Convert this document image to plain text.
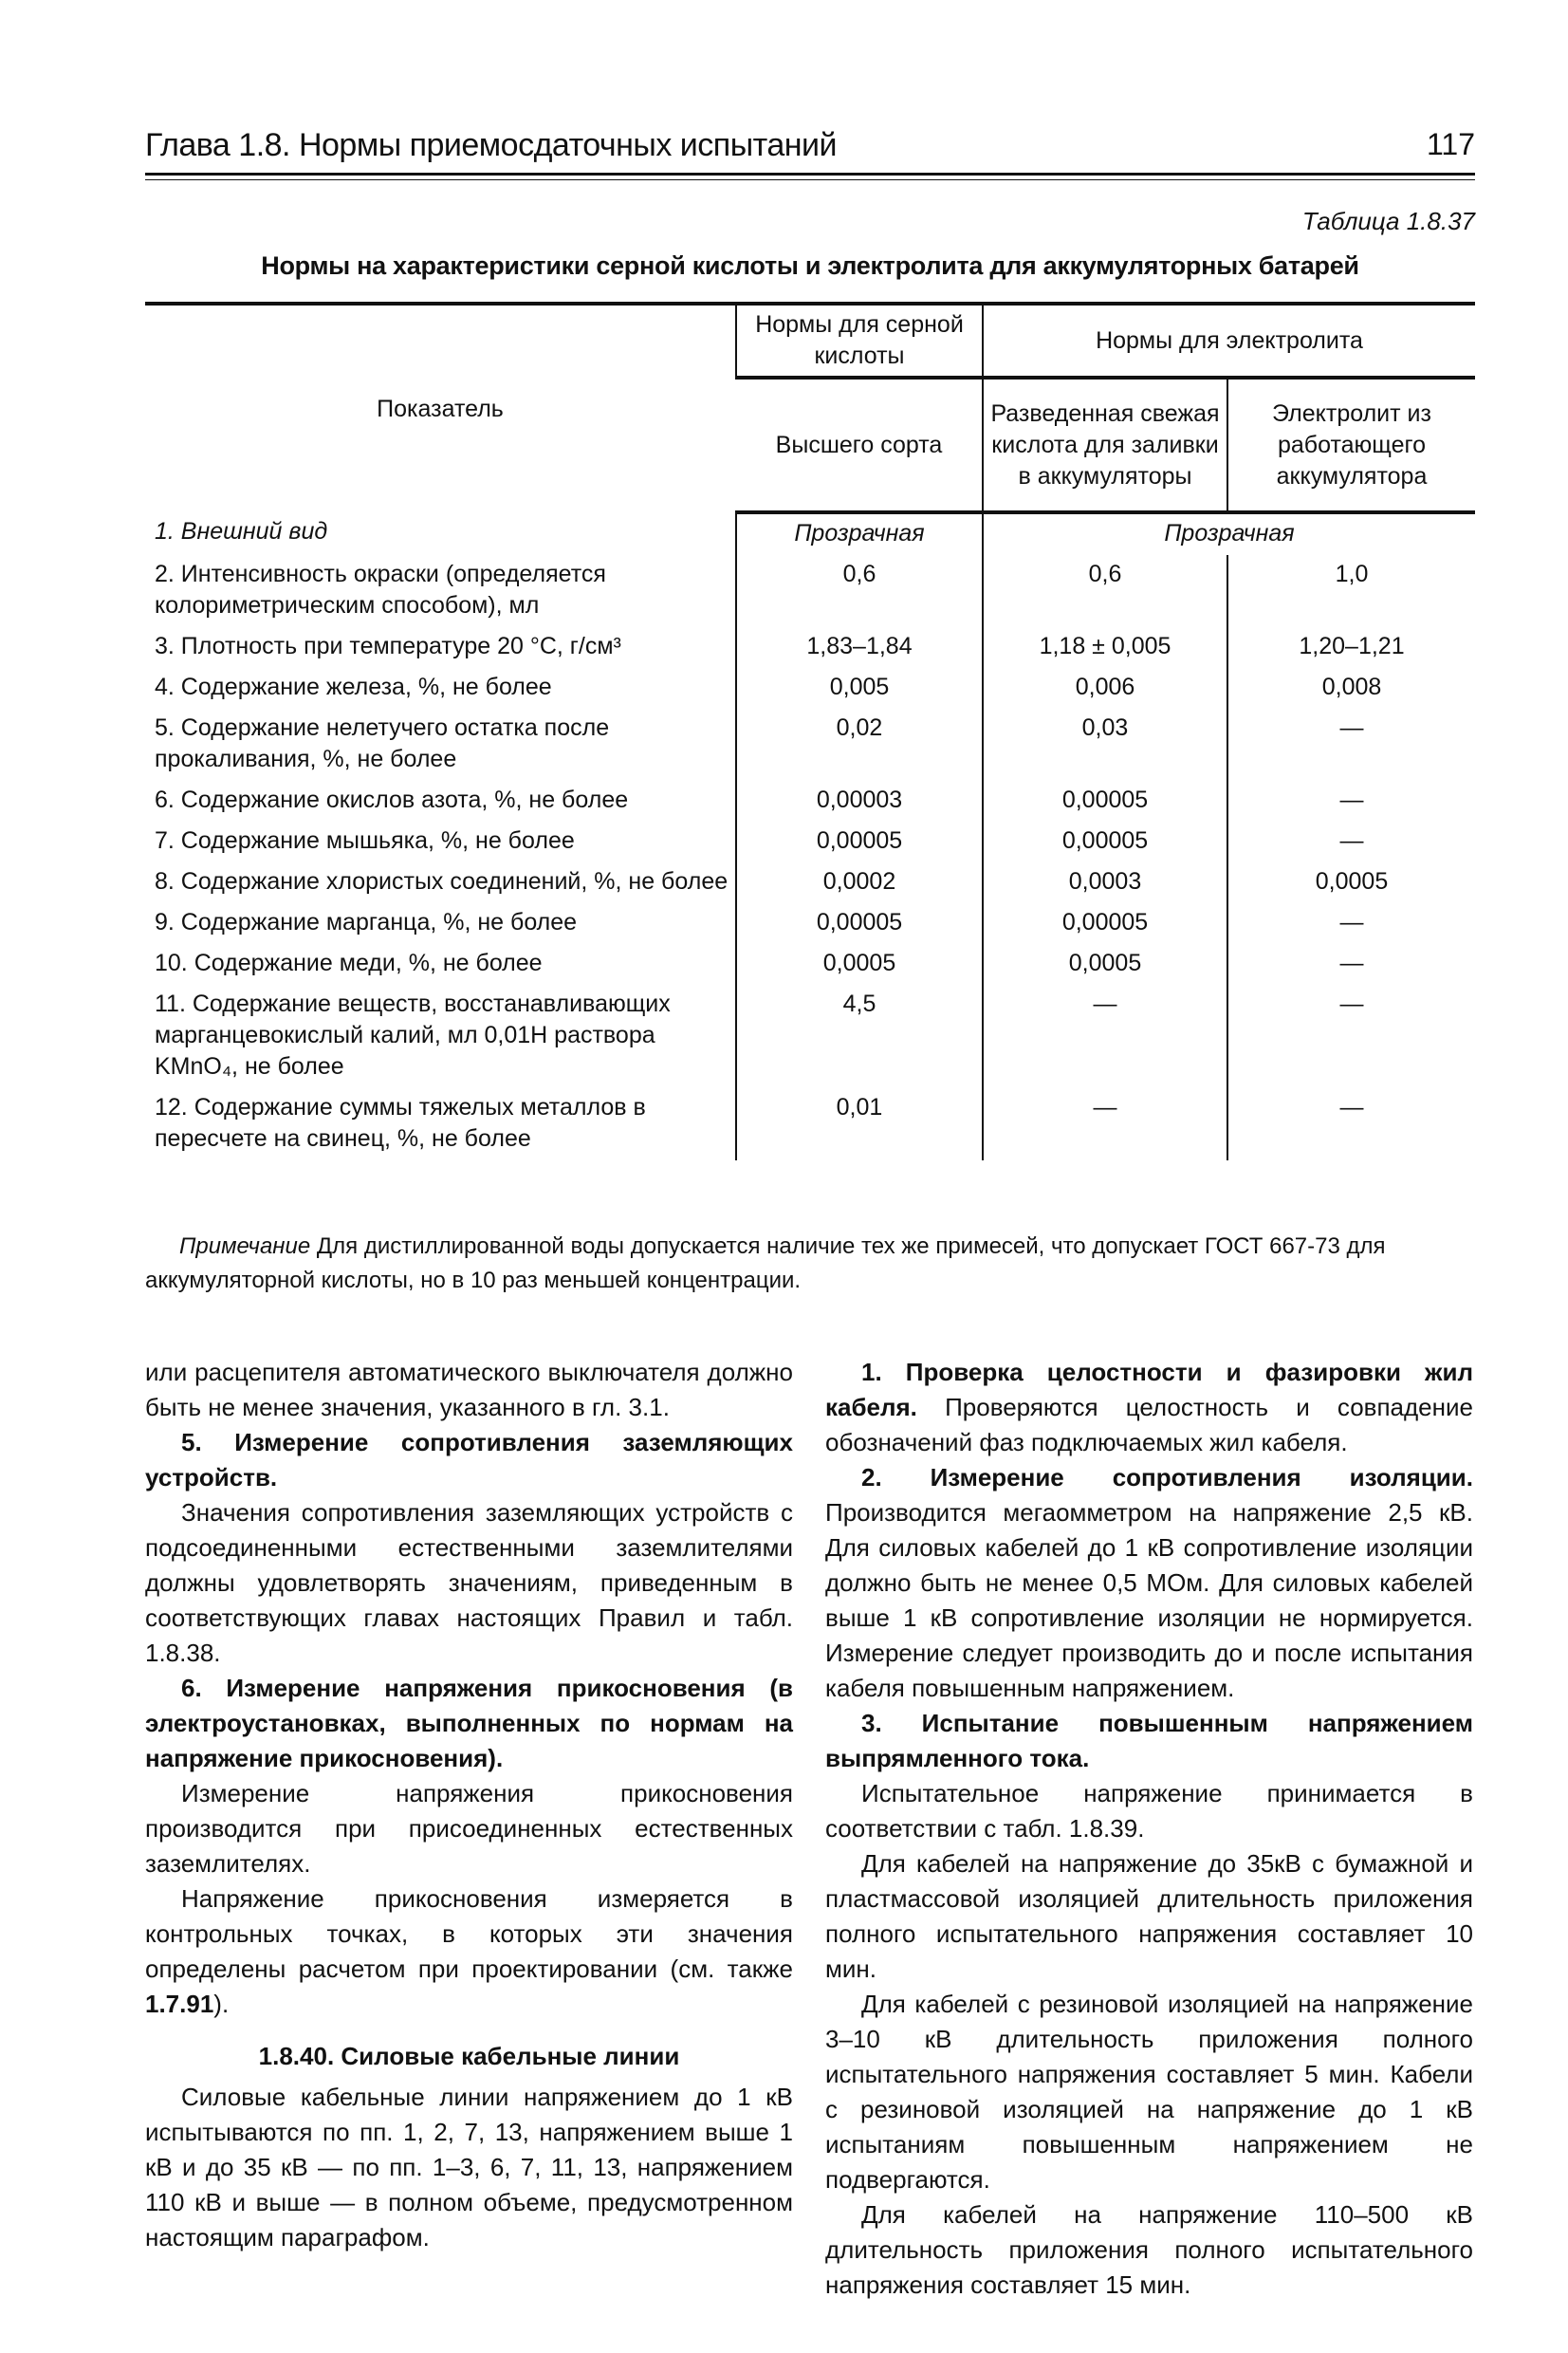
Глава 1.8. Нормы приемосдаточных испытаний	117
Таблица 1.8.37
Нормы на характеристики серной кислоты и электролита для аккумуляторных батарей
Показатель	Нормы для серной кислоты	Нормы для электролита	
	Высшего сорта	Разведенная свежая кислота для заливки в аккумуляторы	Электролит из работающего аккумулятора
1. Внешний вид	Прозрачная	Прозрачная	
2. Интенсивность окраски (определяется колориметрическим способом), мл	0,6	0,6	1,0
3. Плотность при температуре 20 °С, г/см³	1,83–1,84	1,18 ± 0,005	1,20–1,21
4. Содержание железа, %, не более	0,005	0,006	0,008
5. Содержание нелетучего остатка после прокаливания, %, не более	0,02	0,03	—
6. Содержание окислов азота, %, не более	0,00003	0,00005	—
7. Содержание мышьяка, %, не более	0,00005	0,00005	—
8. Содержание хлористых соединений, %, не более	0,0002	0,0003	0,0005
9. Содержание марганца, %, не более	0,00005	0,00005	—
10. Содержание меди, %, не более	0,0005	0,0005	—
11. Содержание веществ, восстанавливающих марганцевокислый калий, мл 0,01Н раствора KMnO₄, не более	4,5	—	—
12. Содержание суммы тяжелых металлов в пересчете на свинец, %, не более	0,01	—	—
Примечание Для дистиллированной воды допускается наличие тех же примесей, что допускает ГОСТ 667-73 для аккумуляторной кислоты, но в 10 раз меньшей концентрации.

или расцепителя автоматического выключателя должно быть не менее значения, указанного в гл. 3.1.

5. Измерение сопротивления заземляющих устройств.

Значения сопротивления заземляющих устройств с подсоединенными естественными заземлителями должны удовлетворять значениям, приведенным в соответствующих главах настоящих Правил и табл. 1.8.38.

6. Измерение напряжения прикосновения (в электроустановках, выполненных по нормам на напряжение прикосновения).

Измерение напряжения прикосновения производится при присоединенных естественных заземлителях.

Напряжение прикосновения измеряется в контрольных точках, в которых эти значения определены расчетом при проектировании (см. также 1.7.91).

1.8.40. Силовые кабельные линии

Силовые кабельные линии напряжением до 1 кВ испытываются по пп. 1, 2, 7, 13, напряжением выше 1 кВ и до 35 кВ — по пп. 1–3, 6, 7, 11, 13, напряжением 110 кВ и выше — в полном объеме, предусмотренном настоящим параграфом.

1. Проверка целостности и фазировки жил кабеля. Проверяются целостность и совпадение обозначений фаз подключаемых жил кабеля.

2. Измерение сопротивления изоляции. Производится мегаомметром на напряжение 2,5 кВ. Для силовых кабелей до 1 кВ сопротивление изоляции должно быть не менее 0,5 МОм. Для силовых кабелей выше 1 кВ сопротивление изоляции не нормируется. Измерение следует производить до и после испытания кабеля повышенным напряжением.

3. Испытание повышенным напряжением выпрямленного тока.

Испытательное напряжение принимается в соответствии с табл. 1.8.39.

Для кабелей на напряжение до 35кВ с бумажной и пластмассовой изоляцией длительность приложения полного испытательного напряжения составляет 10 мин.

Для кабелей с резиновой изоляцией на напряжение 3–10 кВ длительность приложения полного испытательного напряжения составляет 5 мин. Кабели с резиновой изоляцией на напряжение до 1 кВ испытаниям повышенным напряжением не подвергаются.

Для кабелей на напряжение 110–500 кВ длительность приложения полного испытательного напряжения составляет 15 мин.
